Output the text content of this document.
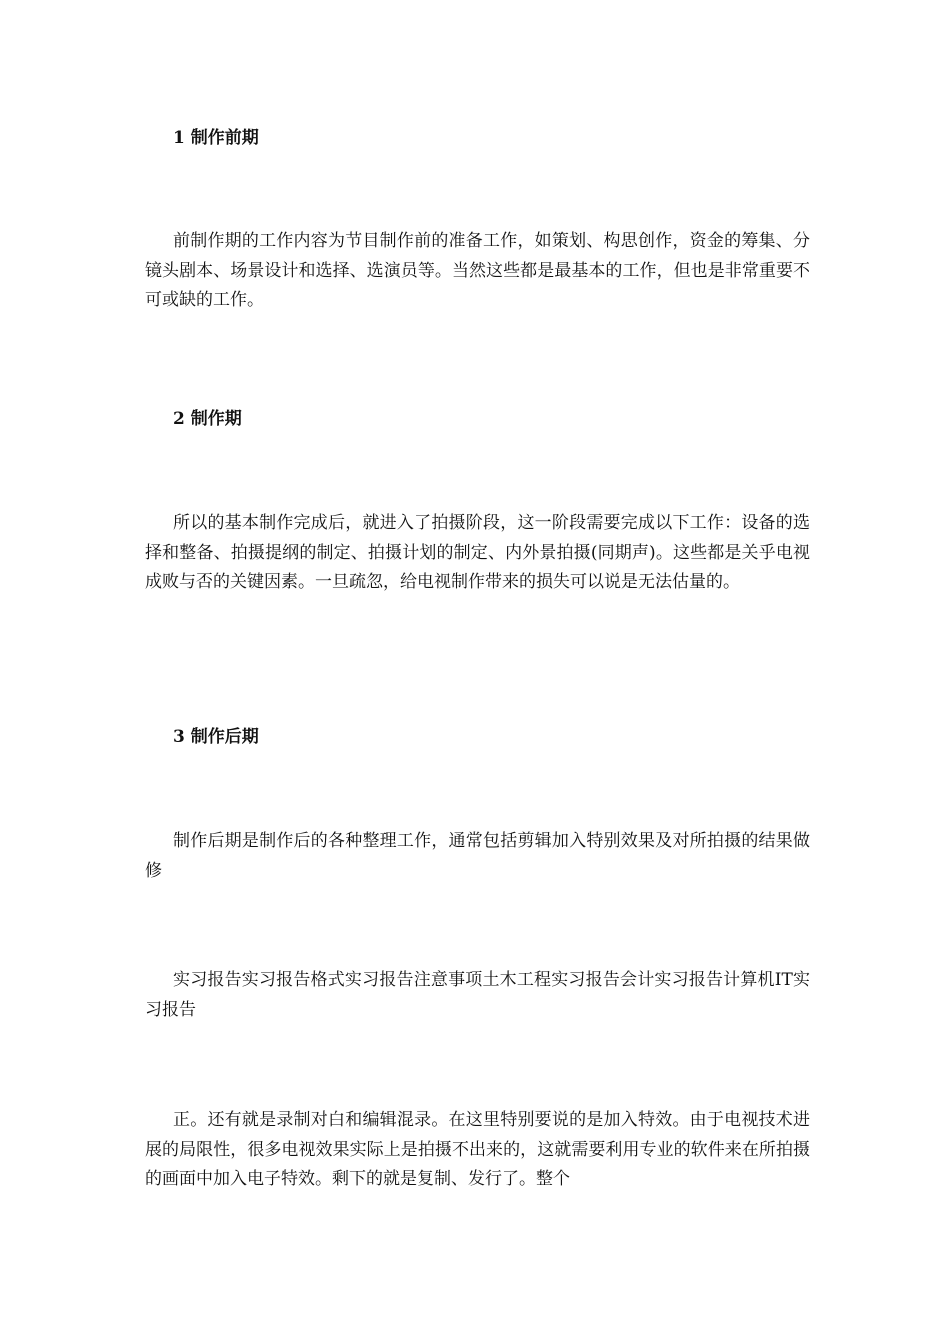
1 制作前期

前制作期的工作内容为节目制作前的准备工作，如策划、构思创作，资金的筹集、分镜头剧本、场景设计和选择、选演员等。当然这些都是最基本的工作，但也是非常重要不可或缺的工作。

2 制作期

所以的基本制作完成后，就进入了拍摄阶段，这一阶段需要完成以下工作：设备的选择和整备、拍摄提纲的制定、拍摄计划的制定、内外景拍摄(同期声)。这些都是关乎电视成败与否的关键因素。一旦疏忽，给电视制作带来的损失可以说是无法估量的。

3 制作后期

制作后期是制作后的各种整理工作，通常包括剪辑加入特别效果及对所拍摄的结果做修

实习报告实习报告格式实习报告注意事项土木工程实习报告会计实习报告计算机IT实习报告

正。还有就是录制对白和编辑混录。在这里特别要说的是加入特效。由于电视技术进展的局限性，很多电视效果实际上是拍摄不出来的，这就需要利用专业的软件来在所拍摄的画面中加入电子特效。剩下的就是复制、发行了。整个
